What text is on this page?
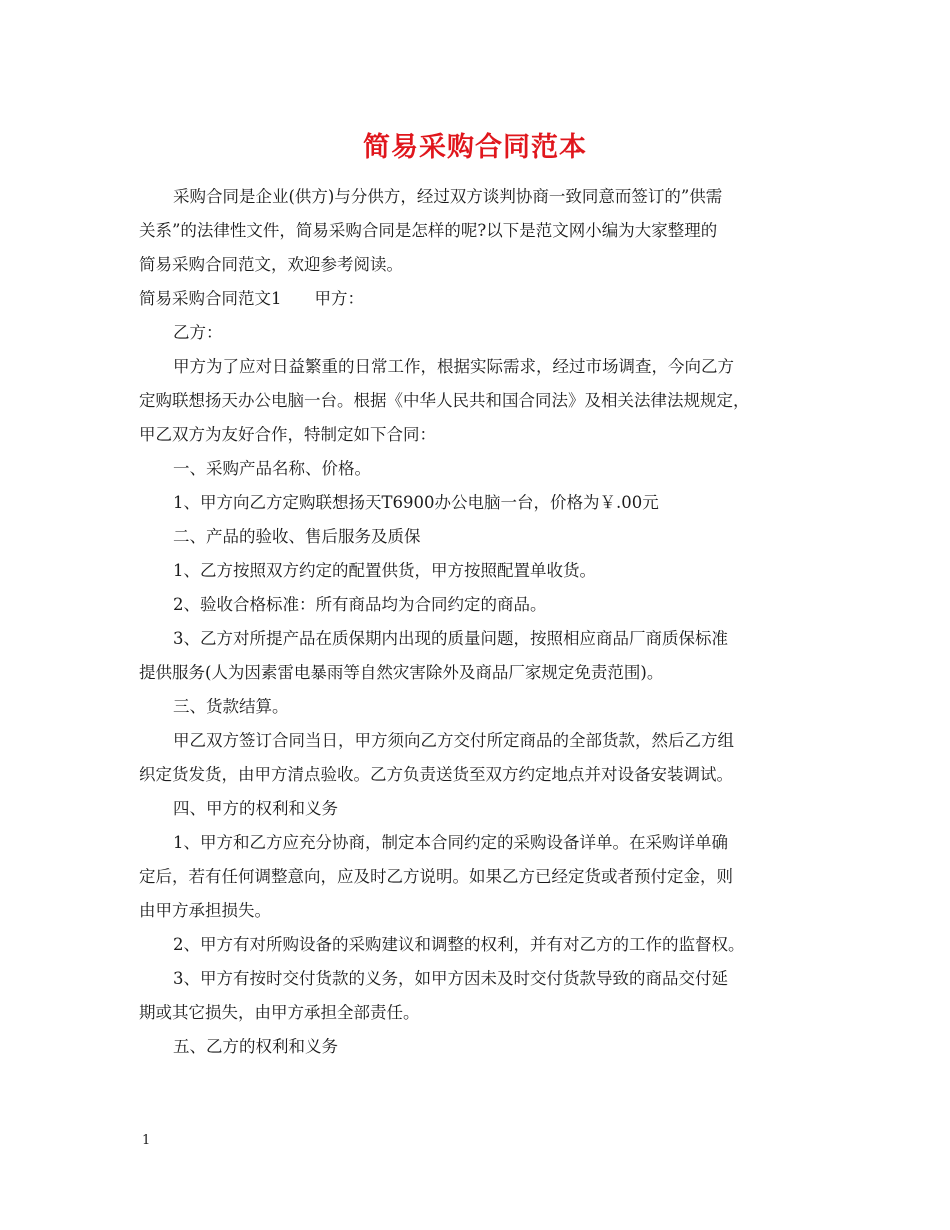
简易采购合同范本
采购合同是企业(供方)与分供方，经过双方谈判协商一致同意而签订的”供需
关系”的法律性文件，简易采购合同是怎样的呢?以下是范文网小编为大家整理的
简易采购合同范文，欢迎参考阅读。
简易采购合同范文1　　甲方：
乙方：
甲方为了应对日益繁重的日常工作，根据实际需求，经过市场调查，今向乙方
定购联想扬天办公电脑一台。根据《中华人民共和国合同法》及相关法律法规规定，
甲乙双方为友好合作，特制定如下合同：
一、采购产品名称、价格。
1、甲方向乙方定购联想扬天T6900办公电脑一台，价格为￥.00元
二、产品的验收、售后服务及质保
1、乙方按照双方约定的配置供货，甲方按照配置单收货。
2、验收合格标准：所有商品均为合同约定的商品。
3、乙方对所提产品在质保期内出现的质量问题，按照相应商品厂商质保标准
提供服务(人为因素雷电暴雨等自然灾害除外及商品厂家规定免责范围)。
三、货款结算。
甲乙双方签订合同当日，甲方须向乙方交付所定商品的全部货款，然后乙方组
织定货发货，由甲方清点验收。乙方负责送货至双方约定地点并对设备安装调试。
四、甲方的权利和义务
1、甲方和乙方应充分协商，制定本合同约定的采购设备详单。在采购详单确
定后，若有任何调整意向，应及时乙方说明。如果乙方已经定货或者预付定金，则
由甲方承担损失。
2、甲方有对所购设备的采购建议和调整的权利，并有对乙方的工作的监督权。
3、甲方有按时交付货款的义务，如甲方因未及时交付货款导致的商品交付延
期或其它损失，由甲方承担全部责任。
五、乙方的权利和义务
1
